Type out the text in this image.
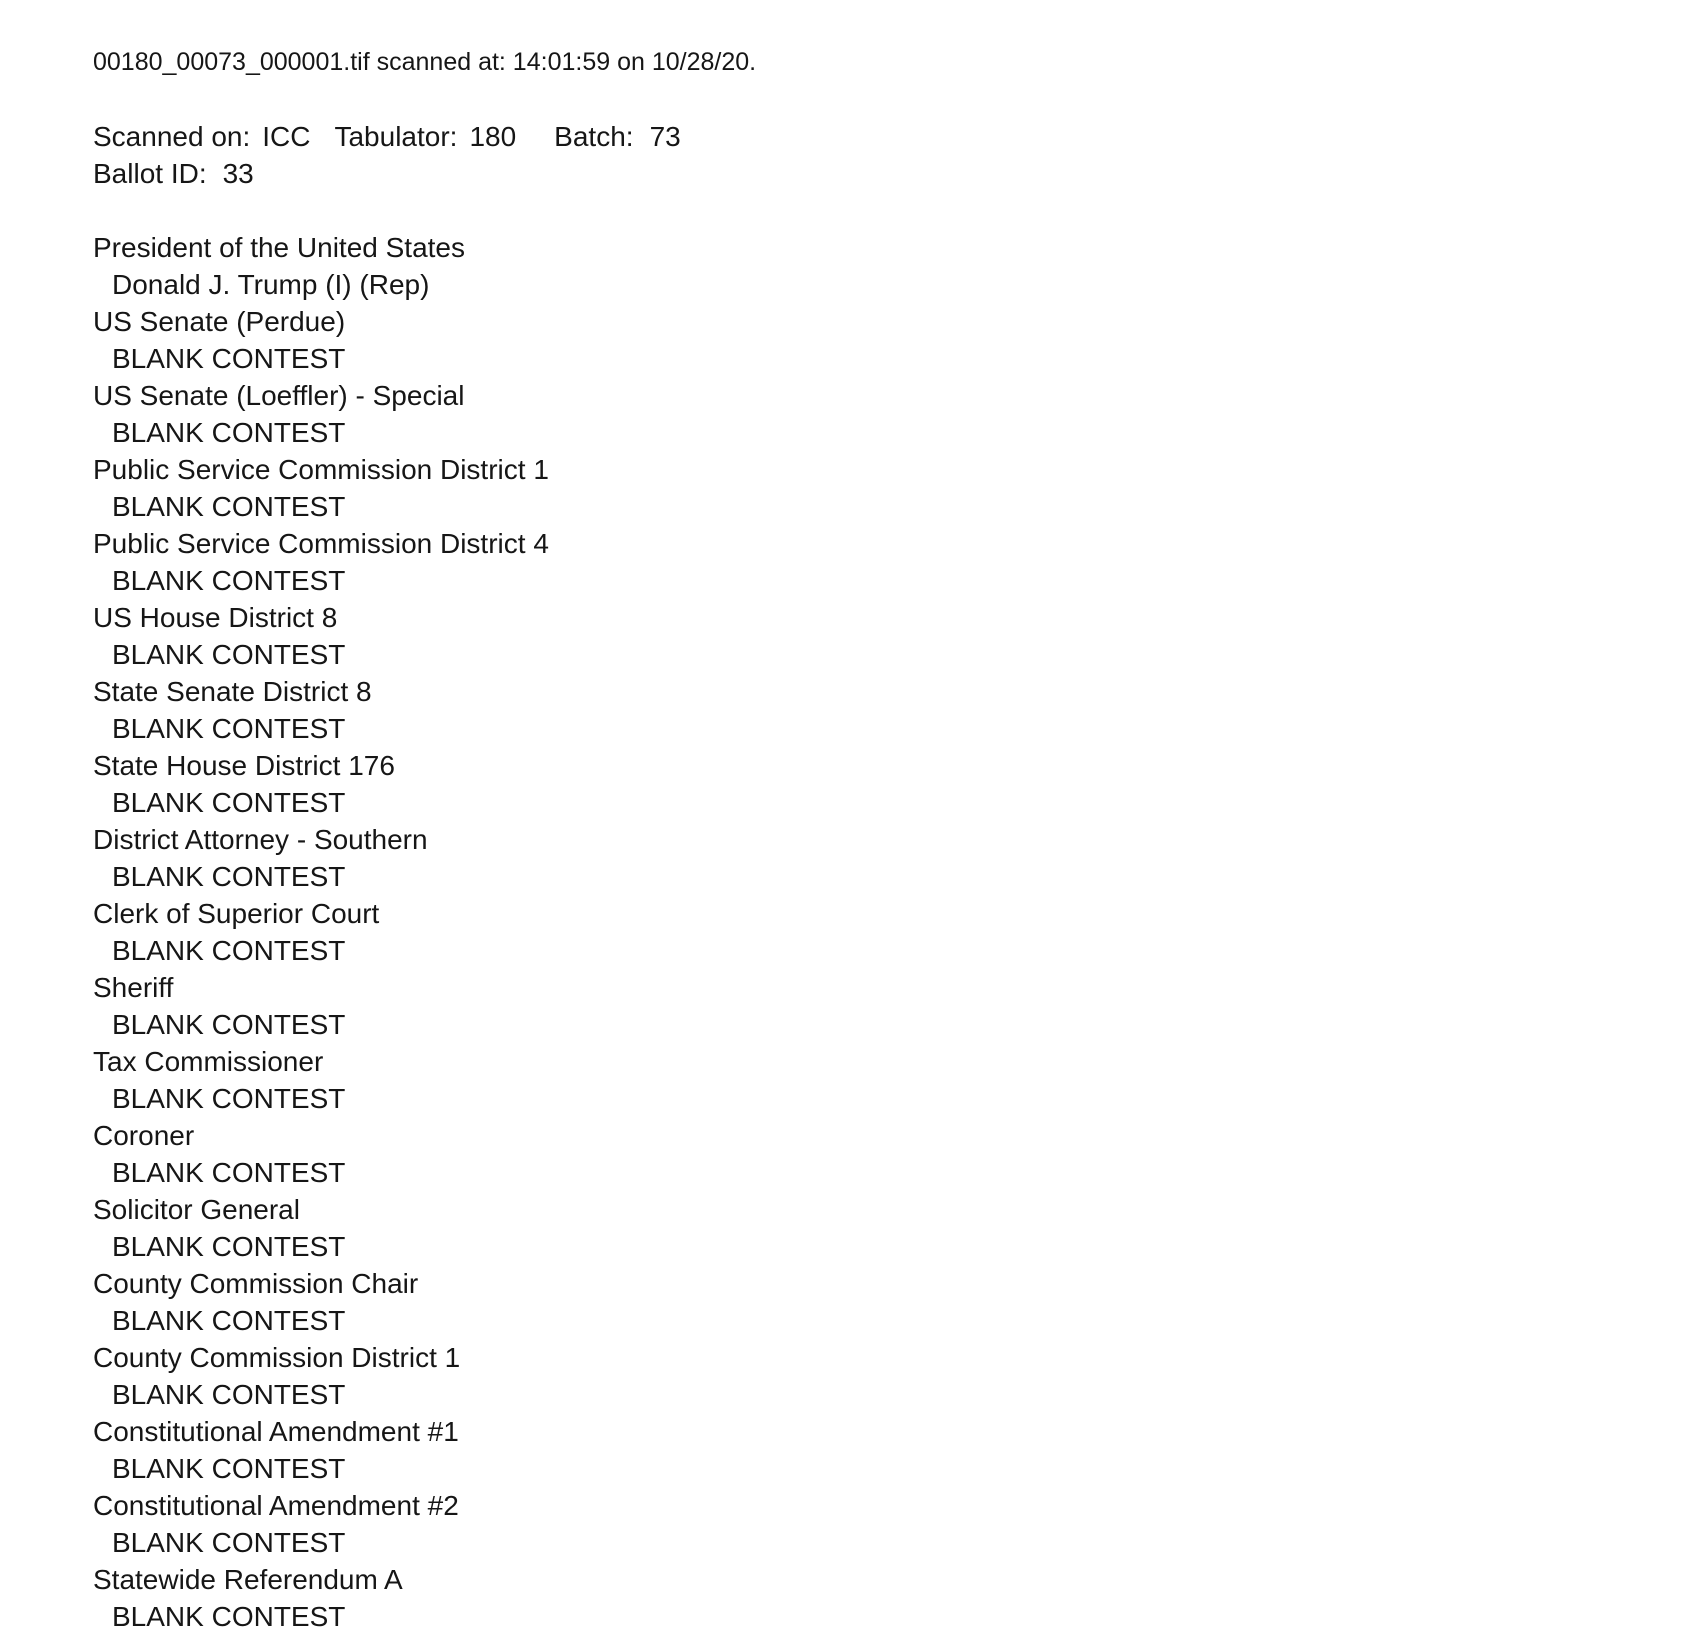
00180_00073_000001.tif scanned at: 14:01:59 on 10/28/20.
Scanned on: ICC Tabulator: 180 Batch: 73
Ballot ID: 33
President of the United States
Donald J. Trump (I) (Rep)
US Senate (Perdue)
BLANK CONTEST
US Senate (Loeffler) - Special
BLANK CONTEST
Public Service Commission District 1
BLANK CONTEST
Public Service Commission District 4
BLANK CONTEST
US House District 8
BLANK CONTEST
State Senate District 8
BLANK CONTEST
State House District 176
BLANK CONTEST
District Attorney - Southern
BLANK CONTEST
Clerk of Superior Court
BLANK CONTEST
Sheriff
BLANK CONTEST
Tax Commissioner
BLANK CONTEST
Coroner
BLANK CONTEST
Solicitor General
BLANK CONTEST
County Commission Chair
BLANK CONTEST
County Commission District 1
BLANK CONTEST
Constitutional Amendment #1
BLANK CONTEST
Constitutional Amendment #2
BLANK CONTEST
Statewide Referendum A
BLANK CONTEST
